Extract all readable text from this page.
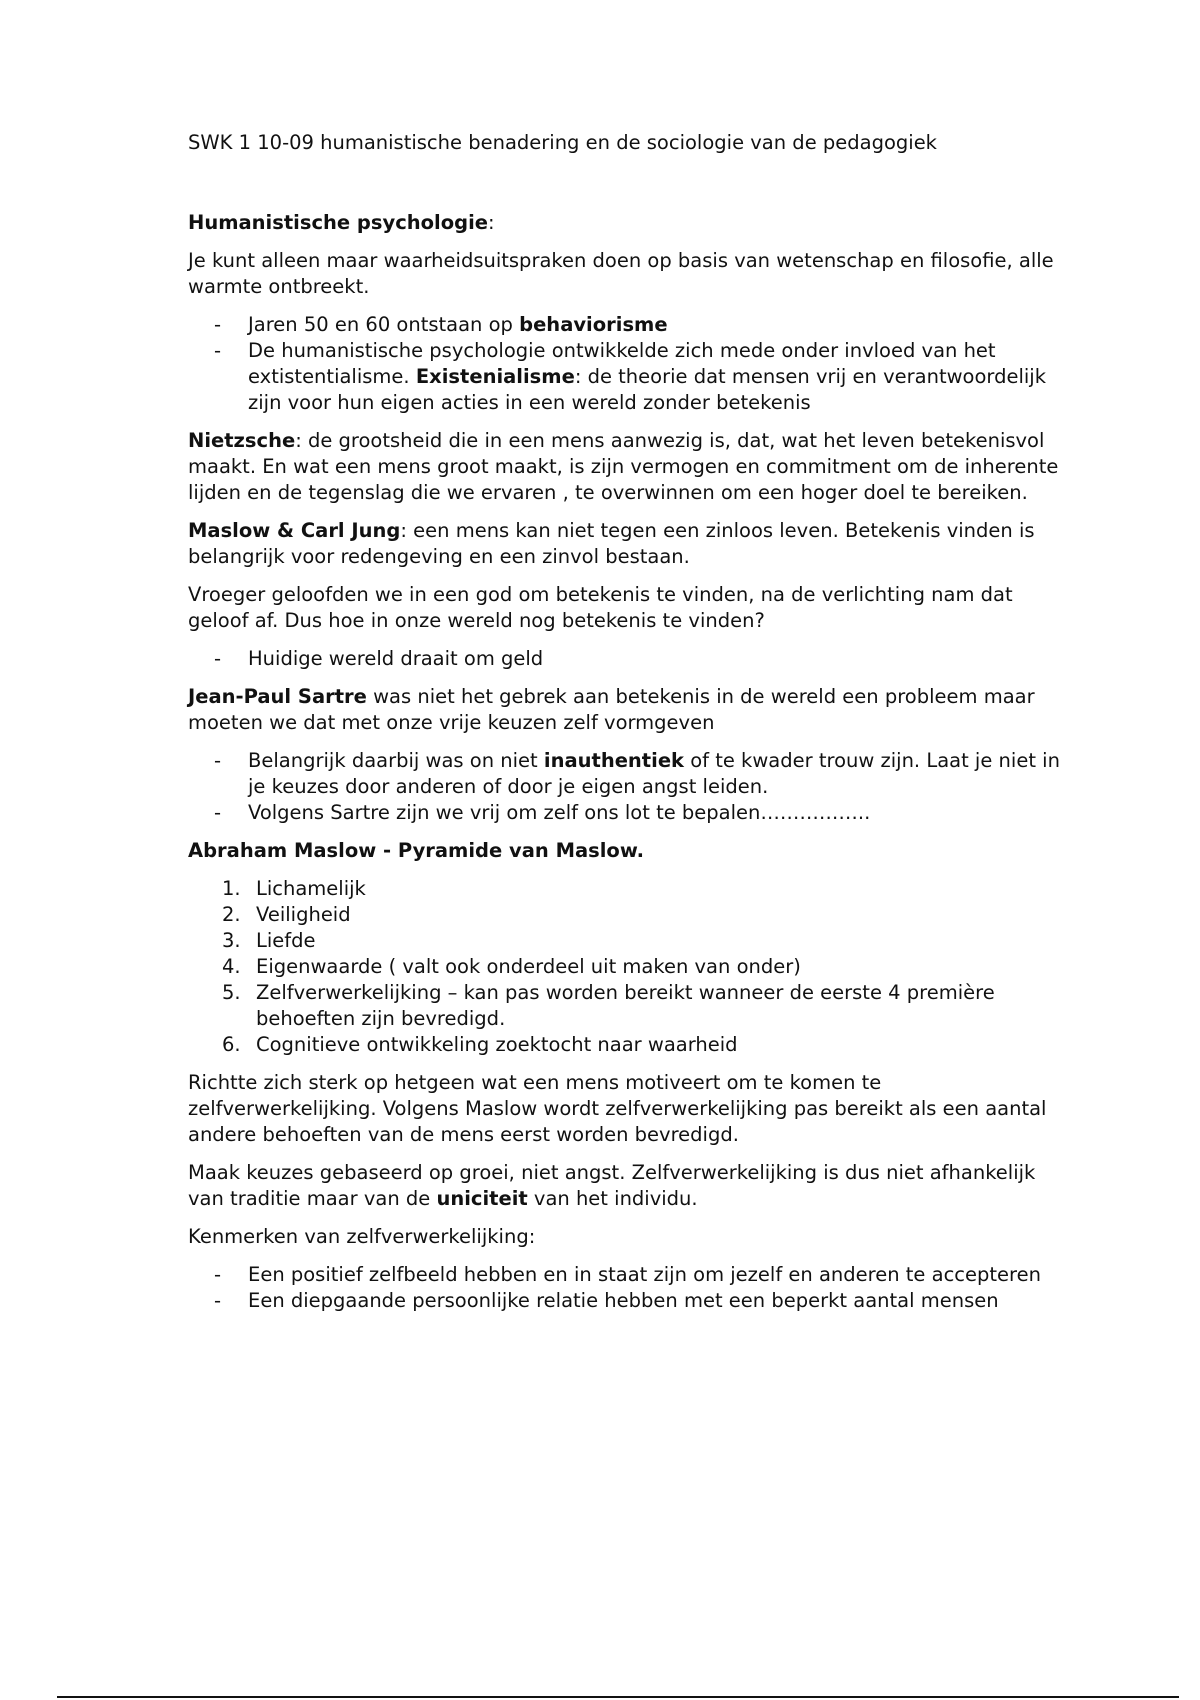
SWK 1 10-09 humanistische benadering en de sociologie van de pedagogiek

Humanistische psychologie:

Je kunt alleen maar waarheidsuitspraken doen op basis van wetenschap en filosofie, alle warmte ontbreekt.

- Jaren 50 en 60 ontstaan op behaviorisme
- De humanistische psychologie ontwikkelde zich mede onder invloed van het extistentialisme. Existenialisme: de theorie dat mensen vrij en verantwoordelijk zijn voor hun eigen acties in een wereld zonder betekenis

Nietzsche: de grootsheid die in een mens aanwezig is, dat, wat het leven betekenisvol maakt. En wat een mens groot maakt, is zijn vermogen en commitment om de inherente lijden en de tegenslag die we ervaren , te overwinnen om een hoger doel te bereiken.

Maslow & Carl Jung: een mens kan niet tegen een zinloos leven. Betekenis vinden is belangrijk voor redengeving en een zinvol bestaan.

Vroeger geloofden we in een god om betekenis te vinden, na de verlichting nam dat geloof af. Dus hoe in onze wereld nog betekenis te vinden?

- Huidige wereld draait om geld

Jean-Paul Sartre was niet het gebrek aan betekenis in de wereld een probleem maar moeten we dat met onze vrije keuzen zelf vormgeven

- Belangrijk daarbij was on niet inauthentiek of te kwader trouw zijn. Laat je niet in je keuzes door anderen of door je eigen angst leiden.
- Volgens Sartre zijn we vrij om zelf ons lot te bepalen……………..

Abraham Maslow - Pyramide van Maslow.

1. Lichamelijk
2. Veiligheid
3. Liefde
4. Eigenwaarde ( valt ook onderdeel uit maken van onder)
5. Zelfverwerkelijking – kan pas worden bereikt wanneer de eerste 4 première behoeften zijn bevredigd.
6. Cognitieve ontwikkeling zoektocht naar waarheid

Richtte zich sterk op hetgeen wat een mens motiveert om te komen te zelfverwerkelijking. Volgens Maslow wordt zelfverwerkelijking pas bereikt als een aantal andere behoeften van de mens eerst worden bevredigd.

Maak keuzes gebaseerd op groei, niet angst. Zelfverwerkelijking is dus niet afhankelijk van traditie maar van de uniciteit van het individu.

Kenmerken van zelfverwerkelijking:

- Een positief zelfbeeld hebben en in staat zijn om jezelf en anderen te accepteren
- Een diepgaande persoonlijke relatie hebben met een beperkt aantal mensen
